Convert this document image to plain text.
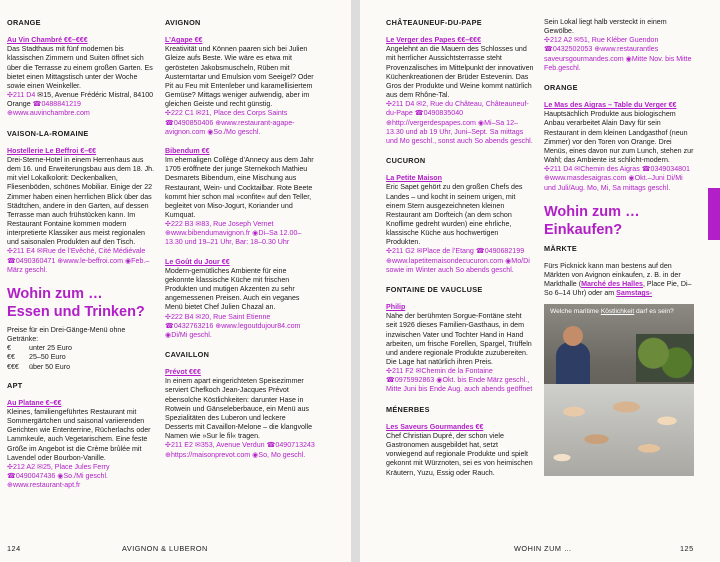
ORANGE

Au Vin Chambré €€–€€€

Das Stadthaus mit fünf modernen bis klassischen Zimmern und Suiten öffnet sich über die Terrasse zu einem großen Garten. Es bietet einen Mittagstisch unter der Woche sowie einen Weinkeller.

✣211 D4 ✉15, Avenue Frédéric Mistral, 84100 Orange ☎0488841219 ⊕www.auvinchambre.com

VAISON-LA-ROMAINE

Hostellerie Le Beffroi €–€€

Drei-Sterne-Hotel in einem Herrenhaus aus dem 16. und Erweiterungsbau aus dem 18. Jh. mit viel Lokalkolorit: Deckenbalken, Fliesenböden, schönes Mobiliar. Einige der 22 Zimmer haben einen herrlichen Blick über das Städtchen, andere in den Garten, auf dessen Terrasse man auch frühstücken kann. Im Restaurant Fontaine kommen modern interpretierte Klassiker aus meist regionalen und saisonalen Produkten auf den Tisch.

✣211 E4 ✉Rue de l’Evêché, Cité Médiévale ☎0490360471 ⊕www.le-beffroi.com ◉Feb.–März geschl.

Wohin zum …
Essen und Trinken?

Preise für ein Drei-Gänge-Menü ohne Getränke:

€	unter 25 Euro
€€	25–50 Euro
€€€	über 50 Euro

APT

Au Platane €–€€

Kleines, familiengeführtes Restaurant mit Sommergärtchen und saisonal variierenden Gerichten wie Ententerrine, Rücherlachs oder Lammkeule, auch Vegetarischem. Eine feste Größe im Angebot ist die Crème brûlée mit Lavendel oder Bourbon-Vanille.

✣212 A2 ✉25, Place Jules Ferry ☎0490047436 ◉So./Mi geschl. ⊕www.restaurant-apt.fr

AVIGNON

L’Agape €€

Kreativität und Können paaren sich bei Julien Gleize aufs Beste. Wie wäre es etwa mit gerösteten Jakobsmuscheln, Rüben mit Austerntartar und Emulsion vom Seeigel? Oder Pit au Feu mit Entenleber und karamellisiertem Gemüse? Mittags weniger aufwendig, aber im gleichen Geiste und recht günstig.

✣222 C1 ✉21, Place des Corps Saints ☎0490850406 ⊕www.restaurant-agape-avignon.com ◉So./Mo geschl.

Bibendum €€

Im ehemaligen Collège d’Annecy aus dem Jahr 1705 eröffnete der junge Sternekoch Mathieu Desmarets Bibendum, eine Mischung aus Restaurant, Wein- und Cocktailbar. Rote Beete kommt hier schon mal »confite« auf den Teller, begleitet von Miso-Jogurt, Koriander und Kumquat.

✣222 B3 ✉83, Rue Joseph Vernet ⊕www.bibendumavignon.fr ◉Di–Sa 12.00–13.30 und 19–21 Uhr, Bar: 18–0.30 Uhr

Le Goût du Jour €€

Modern-gemütliches Ambiente für eine gekonnte klassische Küche mit frischen Produkten und mutigen Akzenten zu sehr angemessenen Preisen. Auch ein veganes Menü bietet Chef Julien Chazal an.

✣222 B4 ✉20, Rue Saint Etienne ☎0432763216 ⊕www.legoutdujour84.com ◉Di/Mi geschl.

CAVAILLON

Prévot €€€

In einem apart eingerichteten Speisezimmer serviert Chefkoch Jean-Jacques Prévot ebensolche Köstlichkeiten: darunter Hase in Rotwein und Gänseleberbauce, ein Menü aus Spezialitäten des Luberon und leckere Desserts mit Cavaillon-Melone – die klangvolle Namen wie »Sur le fil« tragen.

✣211 E2 ✉353, Avenue Verdun ☎0490713243 ⊕https://maisonprevot.com ◉So, Mo geschl.

124	AVIGNON & LUBERON

CHÂTEAUNEUF-DU-PAPE

Le Verger des Papes €€–€€€

Angelehnt an die Mauern des Schlosses und mit herrlicher Aussichtsterrasse steht Provenzalisches im Mittelpunkt der innovativen Küchenkreationen der Brüder Estevenin. Das Gros der Produkte und Weine kommt natürlich aus dem Rhône-Tal.

✣211 D4 ✉2, Rue du Château, Châteauneuf-du-Pape ☎0490835040 ⊕http://vergerdespapes.com ◉Mi–Sa 12–13.30 und ab 19 Uhr, Juni–Sept. Sa mittags und Mo geschl., sonst auch So abends geschl.

CUCURON

La Petite Maison

Eric Sapet gehört zu den großen Chefs des Landes – und kocht in seinem urigen, mit einem Stern ausgezeichneten kleinen Restaurant am Dorfteich (an dem schon Knoflime gedreht wurden) eine ehrliche, klassische Küche aus hochwertigen Produkten.

✣211 G2 ✉Place de l’Etang ☎0490682199 ⊕www.lapetitemaisondecucuron.com ◉Mo/Di sowie im Winter auch So abends geschl.

FONTAINE DE VAUCLUSE

Philip

Nahe der berühmten Sorgue-Fontäne steht seit 1926 dieses Familien-Gasthaus, in dem inzwischen Vater und Tochter Hand in Hand arbeiten, um frische Forellen, Spargel, Trüffeln und andere regionale Produkte zuzubereiten. Die Lage hat natürlich ihren Preis.

✣211 F2 ✉Chemin de la Fontaine ☎0975992863 ◉Okt. bis Ende März geschl., Mitte Juni bis Ende Aug. auch abends geöffnet

MÉNERBES

Les Saveurs Gourmandes €€

Chef Christian Dupré, der schon viele Gastronomen ausgebildet hat, setzt vorwiegend auf regionale Produkte und spielt gekonnt mit Würznoten, sei es von heimischen Kräutern, Yuzu, Essig oder Rauch.

Sein Lokal liegt halb versteckt in einem Gewölbe.

✣212 A2 ✉51, Rue Kléber Guendon ☎0432502053 ⊕www.restaurantles saveursgourmandes.com ◉Mitte Nov. bis Mitte Feb.geschl.

ORANGE

Le Mas des Aigras – Table du Verger €€

Hauptsächlich Produkte aus biologischem Anbau verarbeitet Alain Davy für sein Restaurant in dem kleinen Landgasthof (neun Zimmer) vor den Toren von Orange. Drei Menüs, eines davon nur zum Lunch, stehen zur Wahl; das Ambiente ist schlicht-modern.

✣211 D4 ✉Chemin des Aigras ☎0349034801 ⊕www.masdesaigras.com ◉Okt.–Juni Di/Mi und Juli/Aug. Mo, Mi, Sa mittags geschl.

Wohin zum …
Einkaufen?

MÄRKTE

Fürs Picknick kann man bestens auf den Märkten von Avignon einkaufen, z. B. in der Markthalle (Marché des Halles, Place Pie, Di–So 6–14 Uhr) oder am Samstags-

Welche maritime Köstlichkeit darf es sein?
WOHIN ZUM …	125
